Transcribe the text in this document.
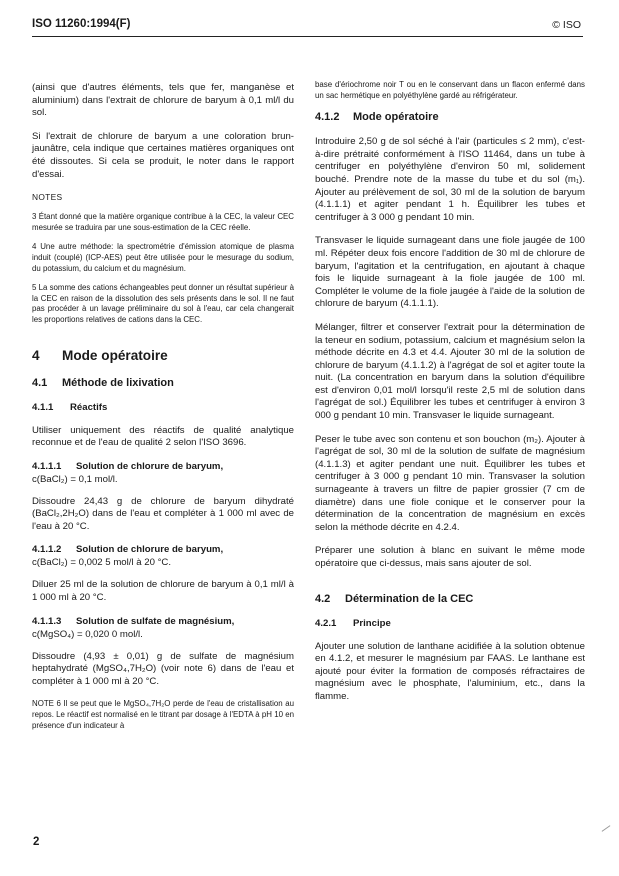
ISO 11260:1994(F)	© ISO

(ainsi que d'autres éléments, tels que fer, manganèse et aluminium) dans l'extrait de chlorure de baryum à 0,1 ml/l du sol.

Si l'extrait de chlorure de baryum a une coloration brun-jaunâtre, cela indique que certaines matières organiques ont été dissoutes. Si cela se produit, le noter dans le rapport d'essai.

NOTES

3 Étant donné que la matière organique contribue à la CEC, la valeur CEC mesurée se traduira par une sous-estimation de la CEC réelle.

4 Une autre méthode: la spectrométrie d'émission atomique de plasma induit (couplé) (ICP-AES) peut être utilisée pour le mesurage du sodium, du potassium, du calcium et du magnésium.

5 La somme des cations échangeables peut donner un résultat supérieur à la CEC en raison de la dissolution des sels présents dans le sol. Il ne faut pas procéder à un lavage préliminaire du sol à l'eau, car cela changerait les proportions relatives de cations dans la CEC.

4 Mode opératoire
4.1 Méthode de lixivation
4.1.1 Réactifs

Utiliser uniquement des réactifs de qualité analytique reconnue et de l'eau de qualité 2 selon l'ISO 3696.

4.1.1.1 Solution de chlorure de baryum,
c(BaCl₂) = 0,1 mol/l.

Dissoudre 24,43 g de chlorure de baryum dihydraté (BaCl₂,2H₂O) dans de l'eau et compléter à 1 000 ml avec de l'eau à 20 °C.

4.1.1.2 Solution de chlorure de baryum,
c(BaCl₂) = 0,002 5 mol/l à 20 °C.

Diluer 25 ml de la solution de chlorure de baryum à 0,1 ml/l à 1 000 ml à 20 °C.

4.1.1.3 Solution de sulfate de magnésium,
c(MgSO₄) = 0,020 0 mol/l.

Dissoudre (4,93 ± 0,01) g de sulfate de magnésium heptahydraté (MgSO₄,7H₂O) (voir note 6) dans de l'eau et compléter à 1 000 ml à 20 °C.

NOTE 6 Il se peut que le MgSO₄,7H₂O perde de l'eau de cristallisation au repos. Le réactif est normalisé en le titrant par dosage à l'EDTA à pH 10 en présence d'un indicateur à

base d'ériochrome noir T ou en le conservant dans un flacon enfermé dans un sac hermétique en polyéthylène gardé au réfrigérateur.

4.1.2 Mode opératoire

Introduire 2,50 g de sol séché à l'air (particules ≤ 2 mm), c'est-à-dire prétraité conformément à l'ISO 11464, dans un tube à centrifuger en polyéthylène d'environ 50 ml, solidement bouché. Prendre note de la masse du tube et du sol (m₁). Ajouter au prélèvement de sol, 30 ml de la solution de baryum (4.1.1.1) et agiter pendant 1 h. Équilibrer les tubes et centrifuger à 3 000 g pendant 10 min.

Transvaser le liquide surnageant dans une fiole jaugée de 100 ml. Répéter deux fois encore l'addition de 30 ml de chlorure de baryum, l'agitation et la centrifugation, en ajoutant à chaque fois le liquide surnageant à la fiole jaugée de 100 ml. Compléter le volume de la fiole jaugée à l'aide de la solution de chlorure de baryum (4.1.1.1).

Mélanger, filtrer et conserver l'extrait pour la détermination de la teneur en sodium, potassium, calcium et magnésium selon la méthode décrite en 4.3 et 4.4. Ajouter 30 ml de la solution de chlorure de baryum (4.1.1.2) à l'agrégat de sol et agiter toute la nuit. (La concentration en baryum dans la solution d'équilibre est d'environ 0,01 mol/l lorsqu'il reste 2,5 ml de solution dans l'agrégat de sol.) Équilibrer les tubes et centrifuger à environ 3 000 g pendant 10 min. Transvaser le liquide surnageant.

Peser le tube avec son contenu et son bouchon (m₂). Ajouter à l'agrégat de sol, 30 ml de la solution de sulfate de magnésium (4.1.1.3) et agiter pendant une nuit. Équilibrer les tubes et centrifuger à 3 000 g pendant 10 min. Transvaser la solution surnageante à travers un filtre de papier grossier (7 cm de diamètre) dans une fiole conique et le conserver pour la détermination de la concentration de magnésium en excès selon la méthode décrite en 4.2.4.

Préparer une solution à blanc en suivant le même mode opératoire que ci-dessus, mais sans ajouter de sol.

4.2 Détermination de la CEC
4.2.1 Principe

Ajouter une solution de lanthane acidifiée à la solution obtenue en 4.1.2, et mesurer le magnésium par FAAS. Le lanthane est ajouté pour éviter la formation de composés réfractaires de magnésium avec le phosphate, l'aluminium, etc., dans la flamme.

2
